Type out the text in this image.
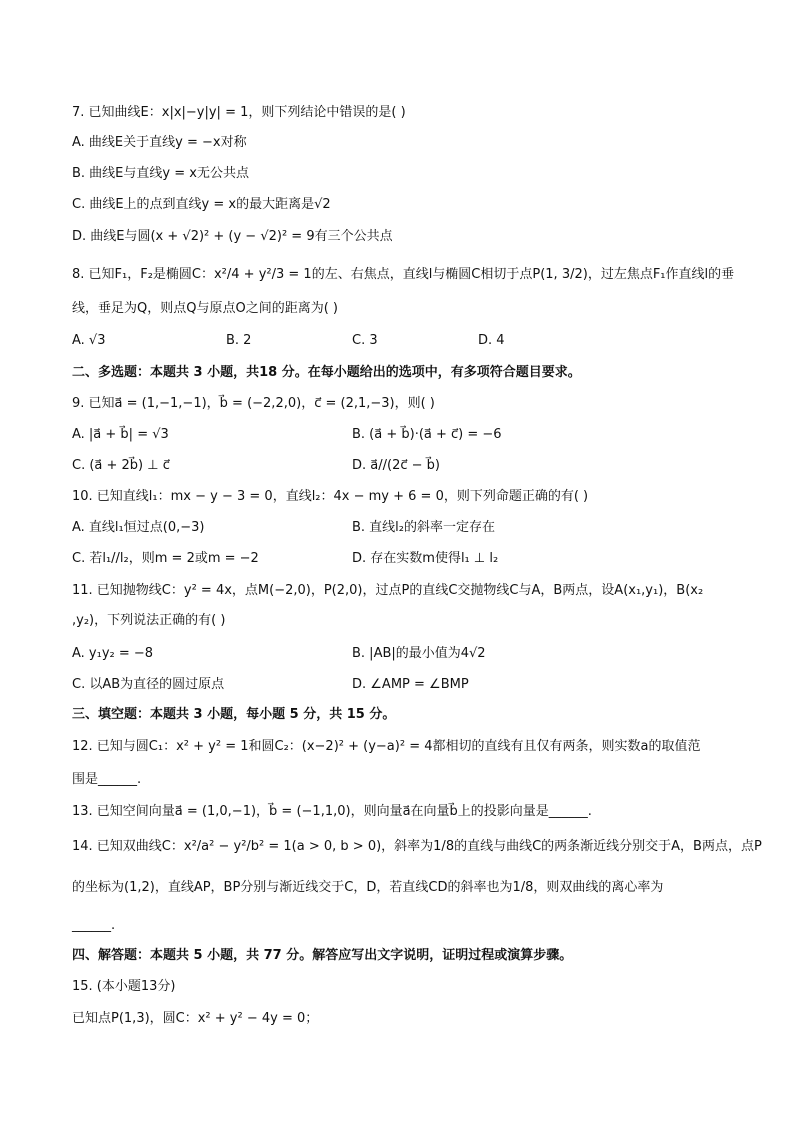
7. 已知曲线E：x|x|−y|y| = 1，则下列结论中错误的是( )
A. 曲线E关于直线y = −x对称
B. 曲线E与直线y = x无公共点
C. 曲线E上的点到直线y = x的最大距离是√2
D. 曲线E与圆(x + √2)² + (y − √2)² = 9有三个公共点
8. 已知F₁，F₂是椭圆C：x²/4 + y²/3 = 1的左、右焦点，直线l与椭圆C相切于点P(1, 3/2)，过左焦点F₁作直线l的垂
线，垂足为Q，则点Q与原点O之间的距离为( )
A. √3	B. 2	C. 3	D. 4
二、多选题：本题共 3 小题，共18 分。在每小题给出的选项中，有多项符合题目要求。
9. 已知a⃗ = (1,−1,−1)，b⃗ = (−2,2,0)，c⃗ = (2,1,−3)，则( )
A. |a⃗ + b⃗| = √3	B. (a⃗ + b⃗)·(a⃗ + c⃗) = −6
C. (a⃗ + 2b⃗) ⊥ c⃗	D. a⃗//(2c⃗ − b⃗)
10. 已知直线l₁：mx − y − 3 = 0，直线l₂：4x − my + 6 = 0，则下列命题正确的有( )
A. 直线l₁恒过点(0,−3)	B. 直线l₂的斜率一定存在
C. 若l₁//l₂，则m = 2或m = −2	D. 存在实数m使得l₁ ⊥ l₂
11. 已知抛物线C：y² = 4x，点M(−2,0)，P(2,0)，过点P的直线C交抛物线C与A，B两点，设A(x₁,y₁)，B(x₂
,y₂)，下列说法正确的有( )
A. y₁y₂ = −8	B. |AB|的最小值为4√2
C. 以AB为直径的圆过原点	D. ∠AMP = ∠BMP
三、填空题：本题共 3 小题，每小题 5 分，共 15 分。
12. 已知与圆C₁：x² + y² = 1和圆C₂：(x−2)² + (y−a)² = 4都相切的直线有且仅有两条，则实数a的取值范
围是______.
13. 已知空间向量a⃗ = (1,0,−1)，b⃗ = (−1,1,0)，则向量a⃗在向量b⃗上的投影向量是______.
14. 已知双曲线C：x²/a² − y²/b² = 1(a > 0, b > 0)，斜率为1/8的直线与曲线C的两条渐近线分别交于A，B两点，点P
的坐标为(1,2)，直线AP，BP分别与渐近线交于C，D，若直线CD的斜率也为1/8，则双曲线的离心率为
______.
四、解答题：本题共 5 小题，共 77 分。解答应写出文字说明，证明过程或演算步骤。
15. (本小题13分)
已知点P(1,3)，圆C：x² + y² − 4y = 0；
